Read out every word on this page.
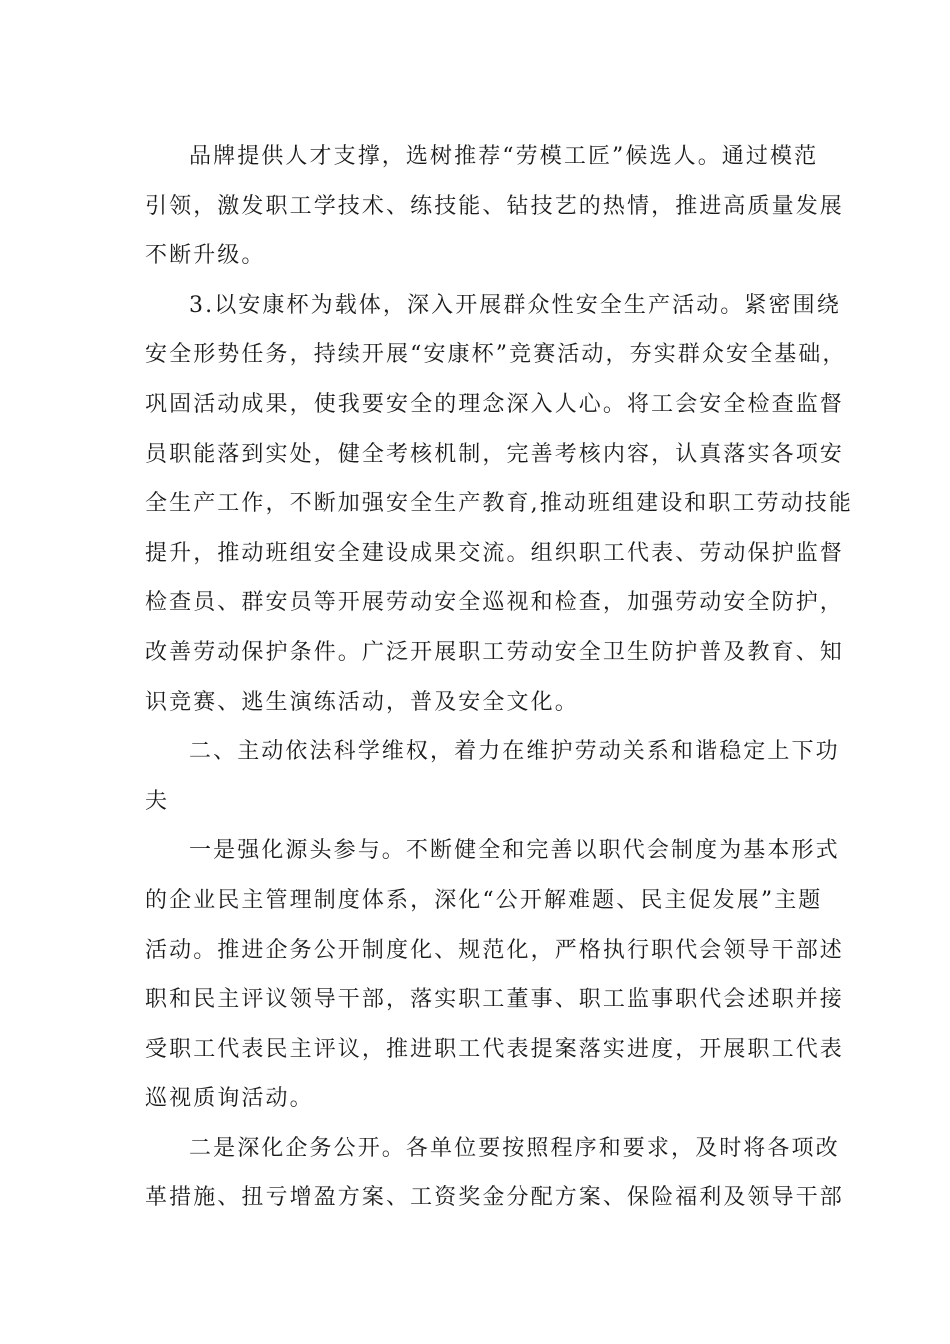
品牌提供人才支撑，选树推荐“劳模工匠”候选人。通过模范
引领，激发职工学技术、练技能、钻技艺的热情，推进高质量发展
不断升级。

3.以安康杯为载体，深入开展群众性安全生产活动。紧密围绕
安全形势任务，持续开展“安康杯”竞赛活动，夯实群众安全基础，
巩固活动成果，使我要安全的理念深入人心。将工会安全检查监督
员职能落到实处，健全考核机制，完善考核内容，认真落实各项安
全生产工作，不断加强安全生产教育,推动班组建设和职工劳动技能
提升，推动班组安全建设成果交流。组织职工代表、劳动保护监督
检查员、群安员等开展劳动安全巡视和检查，加强劳动安全防护，
改善劳动保护条件。广泛开展职工劳动安全卫生防护普及教育、知
识竞赛、逃生演练活动，普及安全文化。

二、主动依法科学维权，着力在维护劳动关系和谐稳定上下功
夫

一是强化源头参与。不断健全和完善以职代会制度为基本形式
的企业民主管理制度体系，深化“公开解难题、民主促发展”主题
活动。推进企务公开制度化、规范化，严格执行职代会领导干部述
职和民主评议领导干部，落实职工董事、职工监事职代会述职并接
受职工代表民主评议，推进职工代表提案落实进度，开展职工代表
巡视质询活动。

二是深化企务公开。各单位要按照程序和要求，及时将各项改
革措施、扭亏增盈方案、工资奖金分配方案、保险福利及领导干部
